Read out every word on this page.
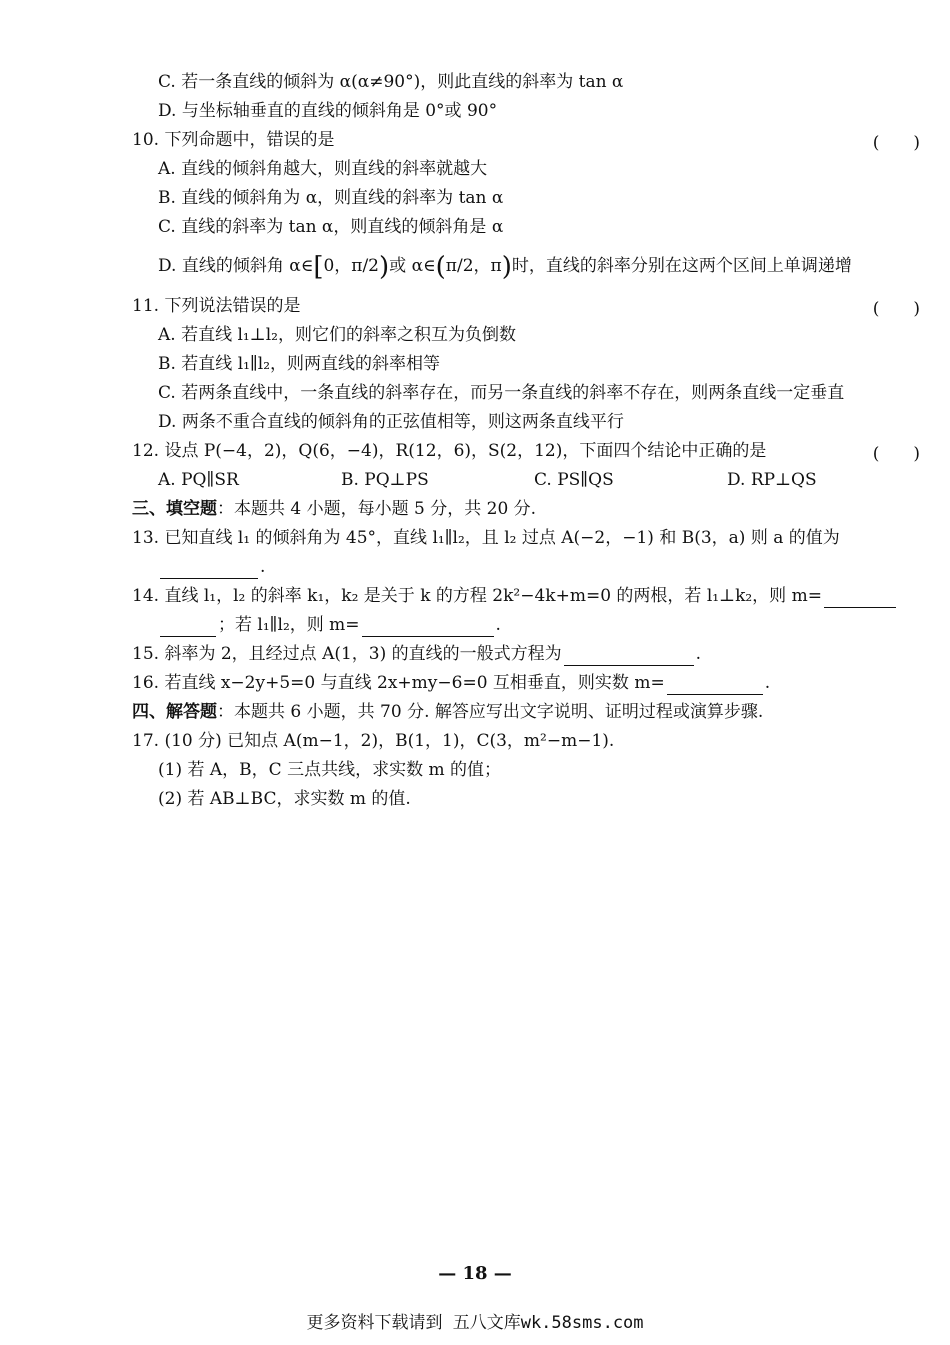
C. 若一条直线的倾斜为 α(α≠90°)，则此直线的斜率为 tan α
D. 与坐标轴垂直的直线的倾斜角是 0°或 90°
10. 下列命题中，错误的是	(　　)
A. 直线的倾斜角越大，则直线的斜率就越大
B. 直线的倾斜角为 α，则直线的斜率为 tan α
C. 直线的斜率为 tan α，则直线的倾斜角是 α
D. 直线的倾斜角 α∈[0，π/2)或 α∈(π/2，π)时，直线的斜率分别在这两个区间上单调递增
11. 下列说法错误的是	(　　)
A. 若直线 l₁⊥l₂，则它们的斜率之积互为负倒数
B. 若直线 l₁∥l₂，则两直线的斜率相等
C. 若两条直线中，一条直线的斜率存在，而另一条直线的斜率不存在，则两条直线一定垂直
D. 两条不重合直线的倾斜角的正弦值相等，则这两条直线平行
12. 设点 P(−4，2)，Q(6，−4)，R(12，6)，S(2，12)，下面四个结论中正确的是	(　　)
A. PQ∥SR	B. PQ⊥PS	C. PS∥QS	D. RP⊥QS
三、填空题：本题共 4 小题，每小题 5 分，共 20 分.
13. 已知直线 l₁ 的倾斜角为 45°，直线 l₁∥l₂，且 l₂ 过点 A(−2，−1) 和 B(3，a) 则 a 的值为
.
14. 直线 l₁，l₂ 的斜率 k₁，k₂ 是关于 k 的方程 2k²−4k+m=0 的两根，若 l₁⊥k₂，则 m=
；若 l₁∥l₂，则 m=	.
15. 斜率为 2，且经过点 A(1，3) 的直线的一般式方程为	.
16. 若直线 x−2y+5=0 与直线 2x+my−6=0 互相垂直，则实数 m=	.
四、解答题：本题共 6 小题，共 70 分. 解答应写出文字说明、证明过程或演算步骤.
17. (10 分) 已知点 A(m−1，2)，B(1，1)，C(3，m²−m−1).
(1) 若 A，B，C 三点共线，求实数 m 的值；
(2) 若 AB⊥BC，求实数 m 的值.
— 18 —
更多资料下载请到 五八文库wk.58sms.com
